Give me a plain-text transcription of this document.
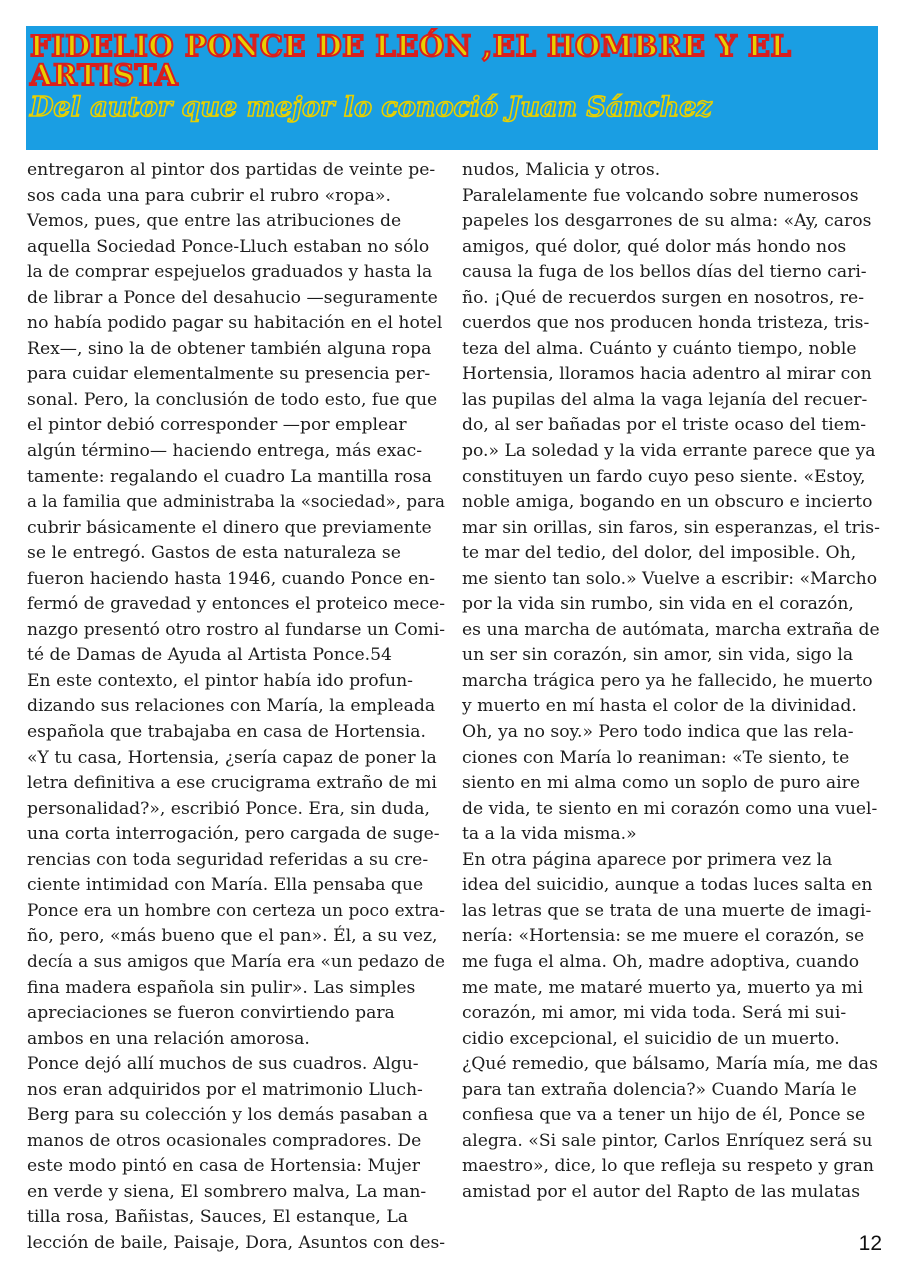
FIDELIO PONCE DE LEÓN ,EL HOMBRE Y EL ARTISTA
Del autor que mejor lo conoció Juan Sánchez
entregaron al pintor dos partidas de veinte pe-
sos cada una para cubrir el rubro «ropa».
Vemos, pues, que entre las atribuciones de
aquella Sociedad Ponce-Lluch estaban no sólo
la de comprar espejuelos graduados y hasta la
de librar a Ponce del desahucio —seguramente
no había podido pagar su habitación en el hotel
Rex—, sino la de obtener también alguna ropa
para cuidar elementalmente su presencia per-
sonal. Pero, la conclusión de todo esto, fue que
el pintor debió corresponder —por emplear
algún término— haciendo entrega, más exac-
tamente: regalando el cuadro La mantilla rosa
a la familia que administraba la «sociedad», para
cubrir básicamente el dinero que previamente
se le entregó. Gastos de esta naturaleza se
fueron haciendo hasta 1946, cuando Ponce en-
fermó de gravedad y entonces el proteico mece-
nazgo presentó otro rostro al fundarse un Comi-
té de Damas de Ayuda al Artista Ponce.54
En este contexto, el pintor había ido profun-
dizando sus relaciones con María, la empleada
española que trabajaba en casa de Hortensia.
«Y tu casa, Hortensia, ¿sería capaz de poner la
letra definitiva a ese crucigrama extraño de mi
personalidad?», escribió Ponce. Era, sin duda,
una corta interrogación, pero cargada de suge-
rencias con toda seguridad referidas a su cre-
ciente intimidad con María. Ella pensaba que
Ponce era un hombre con certeza un poco extra-
ño, pero, «más bueno que el pan». Él, a su vez,
decía a sus amigos que María era «un pedazo de
fina madera española sin pulir». Las simples
apreciaciones se fueron convirtiendo para
ambos en una relación amorosa.
Ponce dejó allí muchos de sus cuadros. Algu-
nos eran adquiridos por el matrimonio Lluch-
Berg para su colección y los demás pasaban a
manos de otros ocasionales compradores. De
este modo pintó en casa de Hortensia: Mujer
en verde y siena, El sombrero malva, La man-
tilla rosa, Bañistas, Sauces, El estanque, La
lección de baile, Paisaje, Dora, Asuntos con des-
nudos, Malicia y otros.
Paralelamente fue volcando sobre numerosos
papeles los desgarrones de su alma: «Ay, caros
amigos, qué dolor, qué dolor más hondo nos
causa la fuga de los bellos días del tierno cari-
ño. ¡Qué de recuerdos surgen en nosotros, re-
cuerdos que nos producen honda tristeza, tris-
teza del alma. Cuánto y cuánto tiempo, noble
Hortensia, lloramos hacia adentro al mirar con
las pupilas del alma la vaga lejanía del recuer-
do, al ser bañadas por el triste ocaso del tiem-
po.» La soledad y la vida errante parece que ya
constituyen un fardo cuyo peso siente. «Estoy,
noble amiga, bogando en un obscuro e incierto
mar sin orillas, sin faros, sin esperanzas, el tris-
te mar del tedio, del dolor, del imposible. Oh,
me siento tan solo.» Vuelve a escribir: «Marcho
por la vida sin rumbo, sin vida en el corazón,
es una marcha de autómata, marcha extraña de
un ser sin corazón, sin amor, sin vida, sigo la
marcha trágica pero ya he fallecido, he muerto
y muerto en mí hasta el color de la divinidad.
Oh, ya no soy.» Pero todo indica que las rela-
ciones con María lo reaniman: «Te siento, te
siento en mi alma como un soplo de puro aire
de vida, te siento en mi corazón como una vuel-
ta a la vida misma.»
En otra página aparece por primera vez la
idea del suicidio, aunque a todas luces salta en
las letras que se trata de una muerte de imagi-
nería: «Hortensia: se me muere el corazón, se
me fuga el alma. Oh, madre adoptiva, cuando
me mate, me mataré muerto ya, muerto ya mi
corazón, mi amor, mi vida toda. Será mi sui-
cidio excepcional, el suicidio de un muerto.
¿Qué remedio, que bálsamo, María mía, me das
para tan extraña dolencia?» Cuando María le
confiesa que va a tener un hijo de él, Ponce se
alegra. «Si sale pintor, Carlos Enríquez será su
maestro», dice, lo que refleja su respeto y gran
amistad por el autor del Rapto de las mulatas
12
